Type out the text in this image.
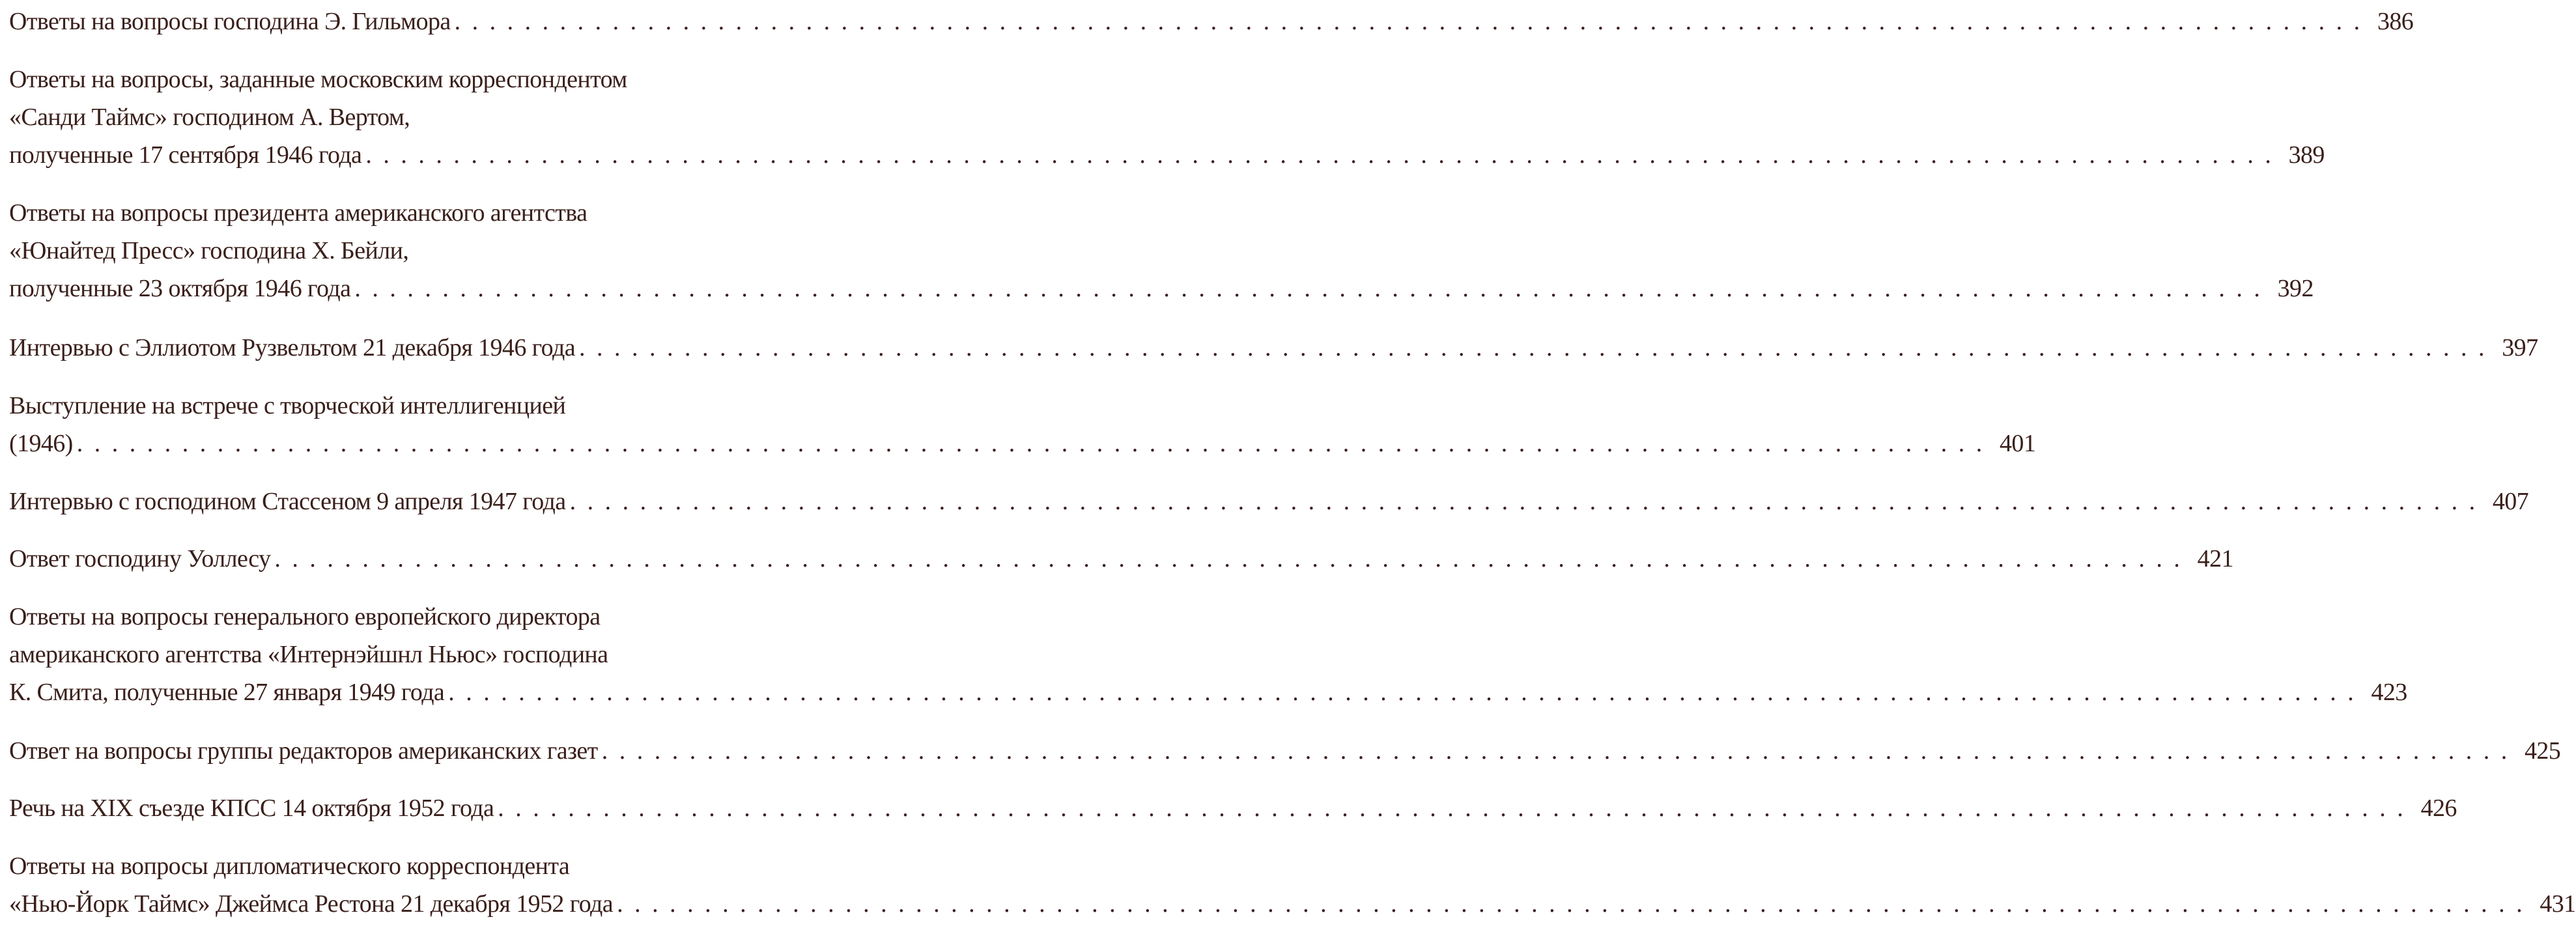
Ответы на вопросы господина Э. Гильмора . . . . . . . . . . . . . . . . . . . . . . . . . . . . . . . . . . . . . . . . . . . . . . . . . . . . . . . . . . . . . . . . . . . . . . . . . . . . . . . . . . . . . . . . . . . . . . . . . . . . . . . . . . . . . 386
Ответы на вопросы, заданные московским корреспондентом
«Санди Таймс» господином А. Вертом,
полученные 17 сентября 1946 года . . . . . . . . . . . . . . . . . . . . . . . . . . . . . . . . . . . . . . . . . . . . . . . . . . . . . . . . . . . . . . . . . . . . . . . . . . . . . . . . . . . . . . . . . . . . . . . . . . . . . . . . . . . . . 389
Ответы на вопросы президента американского агентства
«Юнайтед Пресс» господина Х. Бейли,
полученные 23 октября 1946 года . . . . . . . . . . . . . . . . . . . . . . . . . . . . . . . . . . . . . . . . . . . . . . . . . . . . . . . . . . . . . . . . . . . . . . . . . . . . . . . . . . . . . . . . . . . . . . . . . . . . . . . . . . . . . 392
Интервью с Эллиотом Рузвельтом 21 декабря 1946 года . . . . . . . . . . . . . . . . . . . . . . . . . . . . . . . . . . . . . . . . . . . . . . . . . . . . . . . . . . . . . . . . . . . . . . . . . . . . . . . . . . . . . . . . . . . . . . . . . . . . . . . . . . . . . 397
Выступление на встрече с творческой интеллигенцией
(1946) . . . . . . . . . . . . . . . . . . . . . . . . . . . . . . . . . . . . . . . . . . . . . . . . . . . . . . . . . . . . . . . . . . . . . . . . . . . . . . . . . . . . . . . . . . . . . . . . . . . . . . . . . . . . . 401
Интервью с господином Стассеном 9 апреля 1947 года . . . . . . . . . . . . . . . . . . . . . . . . . . . . . . . . . . . . . . . . . . . . . . . . . . . . . . . . . . . . . . . . . . . . . . . . . . . . . . . . . . . . . . . . . . . . . . . . . . . . . . . . . . . . . 407
Ответ господину Уоллесу . . . . . . . . . . . . . . . . . . . . . . . . . . . . . . . . . . . . . . . . . . . . . . . . . . . . . . . . . . . . . . . . . . . . . . . . . . . . . . . . . . . . . . . . . . . . . . . . . . . . . . . . . . . . . 421
Ответы на вопросы генерального европейского директора
американского агентства «Интернэйшнл Ньюс» господина
К. Смита, полученные 27 января 1949 года . . . . . . . . . . . . . . . . . . . . . . . . . . . . . . . . . . . . . . . . . . . . . . . . . . . . . . . . . . . . . . . . . . . . . . . . . . . . . . . . . . . . . . . . . . . . . . . . . . . . . . . . . . . . . 423
Ответ на вопросы группы редакторов американских газет . . . . . . . . . . . . . . . . . . . . . . . . . . . . . . . . . . . . . . . . . . . . . . . . . . . . . . . . . . . . . . . . . . . . . . . . . . . . . . . . . . . . . . . . . . . . . . . . . . . . . . . . . . . . . 425
Речь на XIX съезде КПСС 14 октября 1952 года . . . . . . . . . . . . . . . . . . . . . . . . . . . . . . . . . . . . . . . . . . . . . . . . . . . . . . . . . . . . . . . . . . . . . . . . . . . . . . . . . . . . . . . . . . . . . . . . . . . . . . . . . . . . . 426
Ответы на вопросы дипломатического корреспондента
«Нью-Йорк Таймс» Джеймса Рестона 21 декабря 1952 года . . . . . . . . . . . . . . . . . . . . . . . . . . . . . . . . . . . . . . . . . . . . . . . . . . . . . . . . . . . . . . . . . . . . . . . . . . . . . . . . . . . . . . . . . . . . . . . . . . . . . . . . . . . . . 431
